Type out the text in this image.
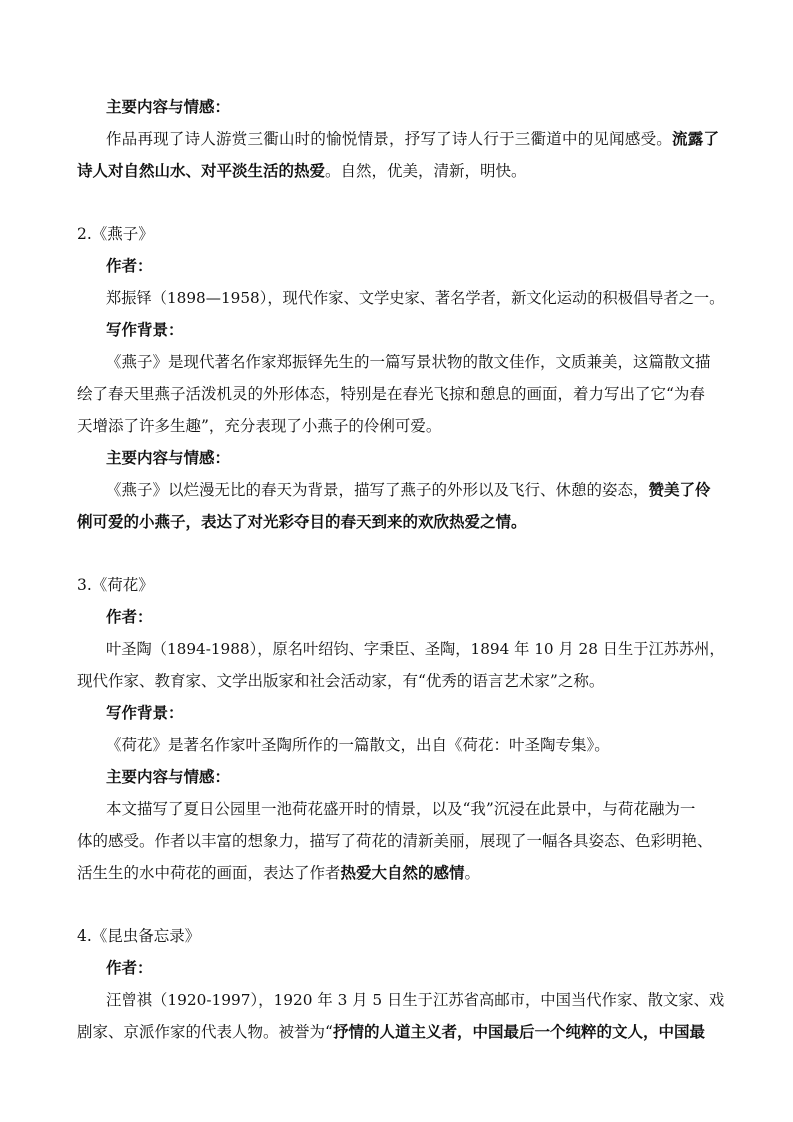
主要内容与情感：
作品再现了诗人游赏三衢山时的愉悦情景，抒写了诗人行于三衢道中的见闻感受。流露了
诗人对自然山水、对平淡生活的热爱。自然，优美，清新，明快。
2.《燕子》
作者：
郑振铎（1898—1958），现代作家、文学史家、著名学者，新文化运动的积极倡导者之一。
写作背景：
《燕子》是现代著名作家郑振铎先生的一篇写景状物的散文佳作，文质兼美，这篇散文描
绘了春天里燕子活泼机灵的外形体态，特别是在春光飞掠和憩息的画面，着力写出了它“为春
天增添了许多生趣”，充分表现了小燕子的伶俐可爱。
主要内容与情感：
《燕子》以烂漫无比的春天为背景，描写了燕子的外形以及飞行、休憩的姿态，赞美了伶
俐可爱的小燕子，表达了对光彩夺目的春天到来的欢欣热爱之情。
3.《荷花》
作者：
叶圣陶（1894-1988），原名叶绍钧、字秉臣、圣陶，1894 年 10 月 28 日生于江苏苏州，
现代作家、教育家、文学出版家和社会活动家，有“优秀的语言艺术家”之称。
写作背景：
《荷花》是著名作家叶圣陶所作的一篇散文，出自《荷花：叶圣陶专集》。
主要内容与情感：
本文描写了夏日公园里一池荷花盛开时的情景，以及“我”沉浸在此景中，与荷花融为一
体的感受。作者以丰富的想象力，描写了荷花的清新美丽，展现了一幅各具姿态、色彩明艳、
活生生的水中荷花的画面，表达了作者热爱大自然的感情。
4.《昆虫备忘录》
作者：
汪曾祺（1920-1997），1920 年 3 月 5 日生于江苏省高邮市，中国当代作家、散文家、戏
剧家、京派作家的代表人物。被誉为“抒情的人道主义者，中国最后一个纯粹的文人，中国最
